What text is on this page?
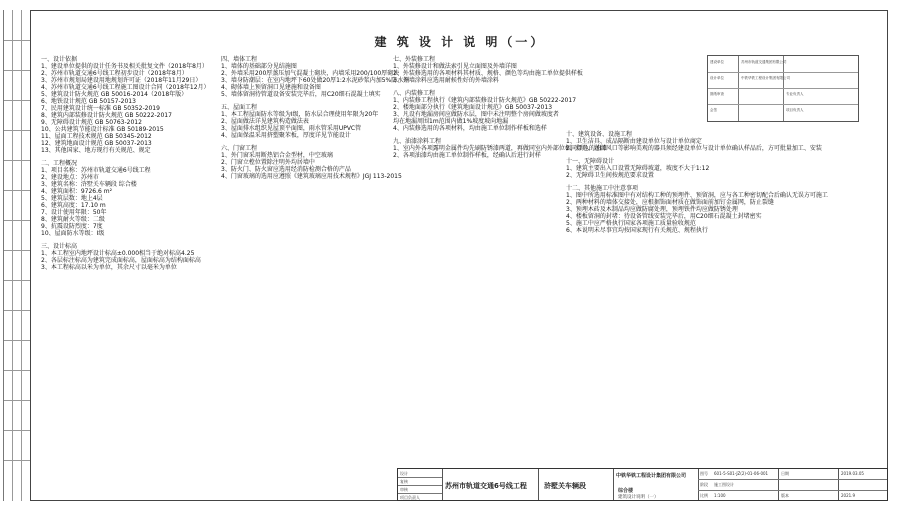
建 筑 设 计 说 明（一）

一、设计依据

1、建设单位提供的设计任务书及相关批复文件（2018年8月）

2、苏州市轨道交通6号线工程初步设计（2018年8月）

3、苏州市规划局建设用地规划许可证（2018年11月29日）

4、苏州市轨道交通6号线工程施工图设计合同（2018年12月）

5、建筑设计防火规范 GB 50016-2014（2018年版）

6、地铁设计规范 GB 50157-2013

7、民用建筑设计统一标准 GB 50352-2019

8、建筑内部装修设计防火规范 GB 50222-2017

9、无障碍设计规范 GB 50763-2012

10、公共建筑节能设计标准 GB 50189-2015

11、屋面工程技术规范 GB 50345-2012

12、建筑地面设计规范 GB 50037-2013

13、其他国家、地方现行有关规范、规定

二、工程概况

1、项目名称：苏州市轨道交通6号线工程

2、建设地点：苏州市

3、建筑名称：浒墅关车辆段 综合楼

4、建筑面积：9726.6 m²

5、建筑层数：地上4层

6、建筑高度：17.10 m

7、设计使用年限：50年

8、建筑耐火等级：二级

9、抗震设防烈度：7度

10、屋面防水等级：I级

三、设计标高

1、本工程室内地坪设计标高±0.000相当于绝对标高4.25

2、各层标注标高为建筑完成面标高，屋面标高为结构面标高

3、本工程标高以米为单位，其余尺寸以毫米为单位

四、墙体工程

1、墙体的基础部分见结施图

2、外墙采用200厚蒸压加气混凝土砌块，内墙采用200/100厚砌块

3、墙身防潮层：在室内地坪下60处做20厚1:2水泥砂浆内加5%防水剂

4、砌体墙上预留洞口见建施和设备图

5、墙体留洞待管道设备安装完毕后，用C20细石混凝土填实

五、屋面工程

1、本工程屋面防水等级为I级，防水层合理使用年限为20年

2、屋面做法详见建筑构造做法表

3、屋面排水组织见屋顶平面图，雨水管采用UPVC管

4、屋面保温采用挤塑聚苯板，厚度详见节能设计

六、门窗工程

1、外门窗采用断热铝合金型材，中空玻璃

2、门窗立樘位置除注明外均居墙中

3、防火门、防火窗应选用经消防检测合格的产品

4、门窗玻璃的选用应遵照《建筑玻璃应用技术规程》JGJ 113-2015

七、外装修工程

1、外装修设计和做法索引见立面图及外墙详图

2、外装修选用的各项材料其材质、规格、颜色等均由施工单位提供样板

3、外墙涂料应选用耐候性好的外墙涂料

八、内装修工程

1、内装修工程执行《建筑内部装修设计防火规范》GB 50222-2017

2、楼地面部分执行《建筑地面设计规范》GB 50037-2013

3、凡设有地漏房间应做防水层，图中未注明整个房间做坡度者

均在地漏周围1m范围内做1%坡度坡向地漏

4、内装修选用的各项材料，均由施工单位制作样板和选样

九、油漆涂料工程

1、室内外各项露明金属件均先刷防锈漆两道，再做同室内外部位相同颜色的油漆

2、各项油漆均由施工单位制作样板，经确认后进行封样

十、建筑设备、设施工程

1、卫生洁具、成品隔断由建设单位与设计单位商定

2、灯具、送回风口等影响美观的器具须经建设单位与设计单位确认样品后，方可批量加工、安装

十一、无障碍设计

1、建筑主要出入口设置无障碍坡道，坡度不大于1:12

2、无障碍卫生间按规范要求设置

十二、其他施工中注意事项

1、图中所选用标准图中有对结构工种的预埋件、预留洞，应与各工种密切配合后确认无误方可施工

2、两种材料的墙体交接处，应根据饰面材质在做饰面前加钉金属网，防止裂缝

3、预埋木砖及木制品均应做防腐处理，预埋铁件均应做防锈处理

4、楼板留洞的封堵：待设备管线安装完毕后，用C20细石混凝土封堵密实

5、施工中应严格执行国家各项施工质量验收规范

6、本说明未尽事宜均按国家现行有关规范、规程执行

建设单位
设计单位
图纸审查
会签
苏州市轨道交通集团有限公司
中铁华铁工程设计集团有限公司
专业负责人
项目负责人
设计
复核
审核
项目负责人
苏州市轨道交通6号线工程 浒墅关车辆段
中铁华铁工程设计集团有限公司
综合楼
建筑设计说明（一）
图号 601-5-S01-JZ(2)-01-06-001
阶段 施工图设计
比例 1:100
日期	2019.03.05
版本	2021.9
